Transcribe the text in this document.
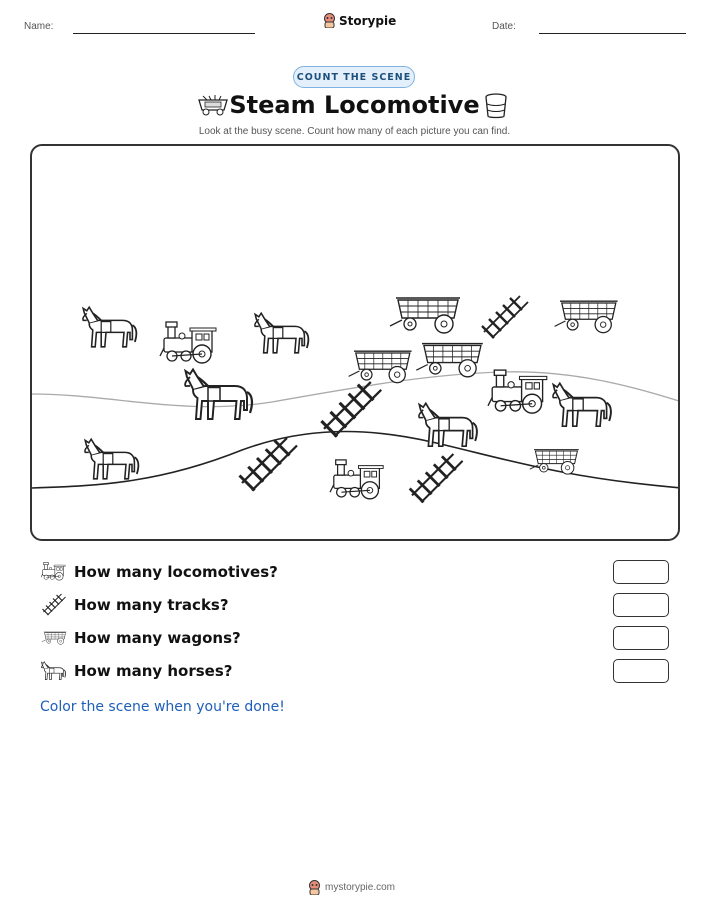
Name:	Storypie	Date:
COUNT THE SCENE
Steam Locomotive
Look at the busy scene. Count how many of each picture you can find.
How many locomotives?
How many tracks?
How many wagons?
How many horses?
Color the scene when you're done!
mystorypie.com
